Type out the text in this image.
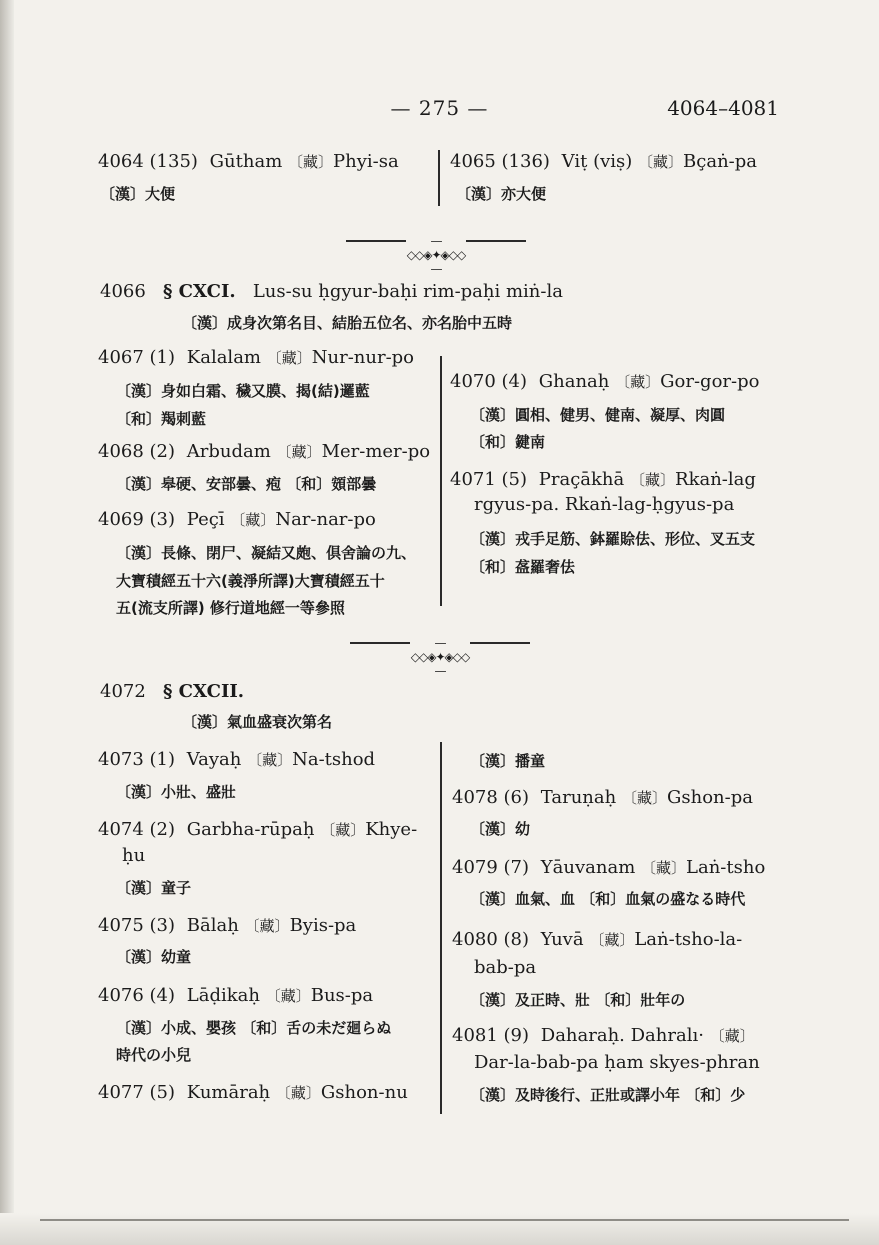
— 275 —	4064–4081
4064 (135) Gūtham 〔藏〕Phyi-sa
〔漢〕大便
4065 (136) Viṭ (viṣ) 〔藏〕Bçaṅ-pa
〔漢〕亦大便
—◇◇◈✦◈◇◇—
4066 § CXCI. Lus-su ḥgyur-baḥi rim-paḥi miṅ-la
〔漢〕成身次第名目、結胎五位名、亦名胎中五時
4067 (1) Kalalam 〔藏〕Nur-nur-po
〔漢〕身如白霜、穢又膜、揭(結)邏藍
〔和〕羯刺藍
4068 (2) Arbudam 〔藏〕Mer-mer-po
〔漢〕皋硬、安部曇、疱 〔和〕頞部曇
4069 (3) Peçī 〔藏〕Nar-nar-po
〔漢〕長條、閉尸、凝結又皰、倶舍論の九、
大寶積經五十六(義淨所譯)大寶積經五十
五(流支所譯) 修行道地經一等參照
4070 (4) Ghanaḥ 〔藏〕Gor-gor-po
〔漢〕圓相、健男、健南、凝厚、肉圓
〔和〕鍵南
4071 (5) Praçākhā 〔藏〕Rkaṅ-lag
rgyus-pa. Rkaṅ-lag-ḥgyus-pa
〔漢〕戎手足筋、鉢羅賒佉、形位、叉五支
〔和〕盋羅奢佉
—◇◇◈✦◈◇◇—
4072 § CXCII.
〔漢〕氣血盛衰次第名
4073 (1) Vayaḥ 〔藏〕Na-tshod
〔漢〕小壯、盛壯
4074 (2) Garbha-rūpaḥ 〔藏〕Khye-
ḥu
〔漢〕童子
4075 (3) Bālaḥ 〔藏〕Byis-pa
〔漢〕幼童
4076 (4) Lāḍikaḥ 〔藏〕Bus-pa
〔漢〕小成、嬰孩 〔和〕舌の未だ廻らぬ
時代の小兒
4077 (5) Kumāraḥ 〔藏〕Gshon-nu
〔漢〕播童
4078 (6) Taruṇaḥ 〔藏〕Gshon-pa
〔漢〕幼
4079 (7) Yāuvanam 〔藏〕Laṅ-tsho
〔漢〕血氣、血 〔和〕血氣の盛なる時代
4080 (8) Yuvā 〔藏〕Laṅ-tsho-la-
bab-pa
〔漢〕及正時、壯 〔和〕壯年の
4081 (9) Daharaḥ. Dahralı· 〔藏〕
Dar-la-bab-pa ḥam skyes-phran
〔漢〕及時後行、正壯或譯小年 〔和〕少
